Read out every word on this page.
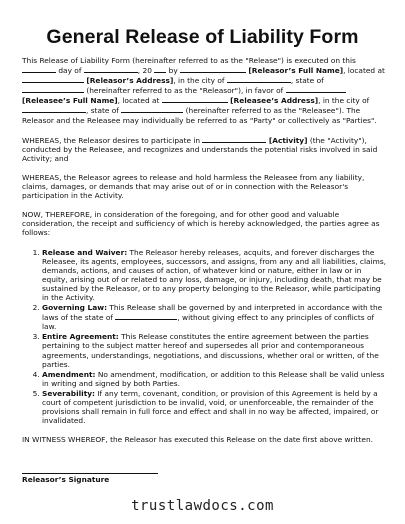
General Release of Liability Form

This Release of Liability Form (hereinafter referred to as the "Release") is executed on this  day of	, 20 by	[Releasor’s Full Name], located at  [Releasor’s Address], in the city of	, state of  (hereinafter referred to as the "Releasor"), in favor of  [Releasee’s Full Name], located at	[Releasee’s Address], in the city of , state of	(hereinafter referred to as the "Releasee"). The Releasor and the Releasee may individually be referred to as "Party" or collectively as "Parties".

WHEREAS, the Releasor desires to participate in	[Activity] (the "Activity"), conducted by the Releasee, and recognizes and understands the potential risks involved in said Activity; and

WHEREAS, the Releasor agrees to release and hold harmless the Releasee from any liability, claims, damages, or demands that may arise out of or in connection with the Releasor's participation in the Activity.

NOW, THEREFORE, in consideration of the foregoing, and for other good and valuable consideration, the receipt and sufficiency of which is hereby acknowledged, the parties agree as follows:

1. Release and Waiver: The Releasor hereby releases, acquits, and forever discharges the Releasee, its agents, employees, successors, and assigns, from any and all liabilities, claims, demands, actions, and causes of action, of whatever kind or nature, either in law or in equity, arising out of or related to any loss, damage, or injury, including death, that may be sustained by the Releasor, or to any property belonging to the Releasor, while participating in the Activity.
2. Governing Law: This Release shall be governed by and interpreted in accordance with the laws of the state of	, without giving effect to any principles of conflicts of law.
3. Entire Agreement: This Release constitutes the entire agreement between the parties pertaining to the subject matter hereof and supersedes all prior and contemporaneous agreements, understandings, negotiations, and discussions, whether oral or written, of the parties.
4. Amendment: No amendment, modification, or addition to this Release shall be valid unless in writing and signed by both Parties.
5. Severability: If any term, covenant, condition, or provision of this Agreement is held by a court of competent jurisdiction to be invalid, void, or unenforceable, the remainder of the provisions shall remain in full force and effect and shall in no way be affected, impaired, or invalidated.

IN WITNESS WHEREOF, the Releasor has executed this Release on the date first above written.

Releasor’s Signature
trustlawdocs.com
